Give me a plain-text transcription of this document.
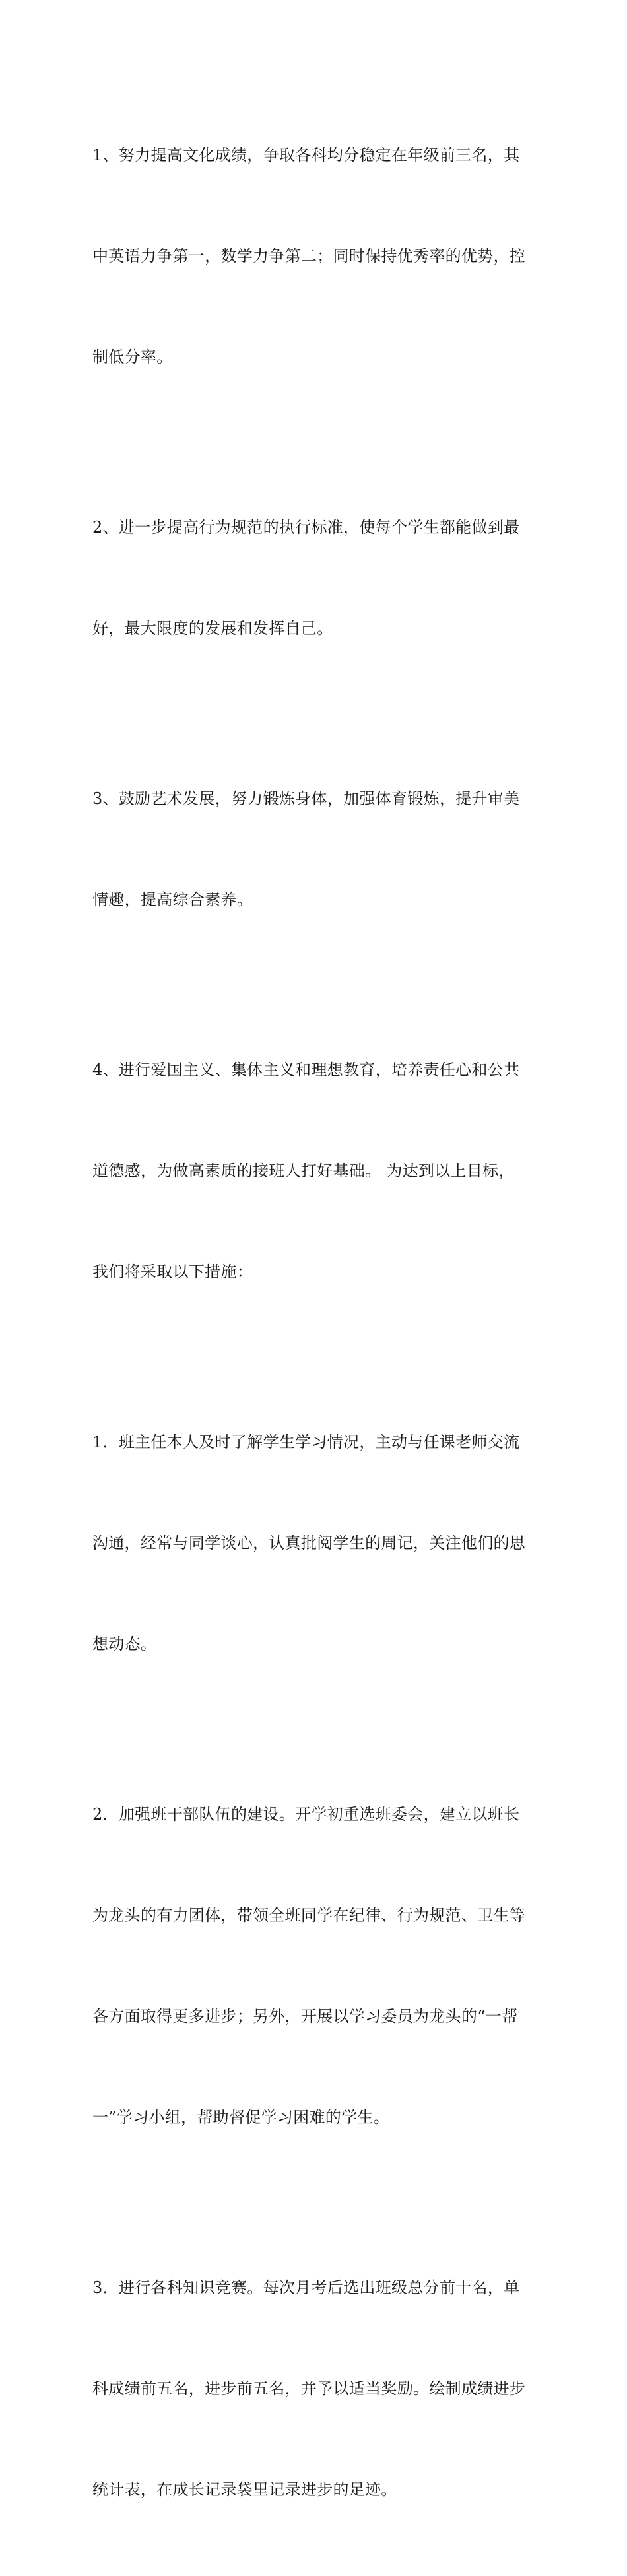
1、努力提高文化成绩，争取各科均分稳定在年级前三名，其

中英语力争第一，数学力争第二；同时保持优秀率的优势，控

制低分率。

2、进一步提高行为规范的执行标准，使每个学生都能做到最

好，最大限度的发展和发挥自己。

3、鼓励艺术发展，努力锻炼身体，加强体育锻炼，提升审美

情趣，提高综合素养。

4、进行爱国主义、集体主义和理想教育，培养责任心和公共

道德感，为做高素质的接班人打好基础。 为达到以上目标，

我们将采取以下措施：

1．班主任本人及时了解学生学习情况，主动与任课老师交流

沟通，经常与同学谈心，认真批阅学生的周记，关注他们的思

想动态。

2．加强班干部队伍的建设。开学初重选班委会，建立以班长

为龙头的有力团体，带领全班同学在纪律、行为规范、卫生等

各方面取得更多进步；另外，开展以学习委员为龙头的“一帮

一”学习小组，帮助督促学习困难的学生。

3．进行各科知识竞赛。每次月考后选出班级总分前十名，单

科成绩前五名，进步前五名，并予以适当奖励。绘制成绩进步

统计表，在成长记录袋里记录进步的足迹。
